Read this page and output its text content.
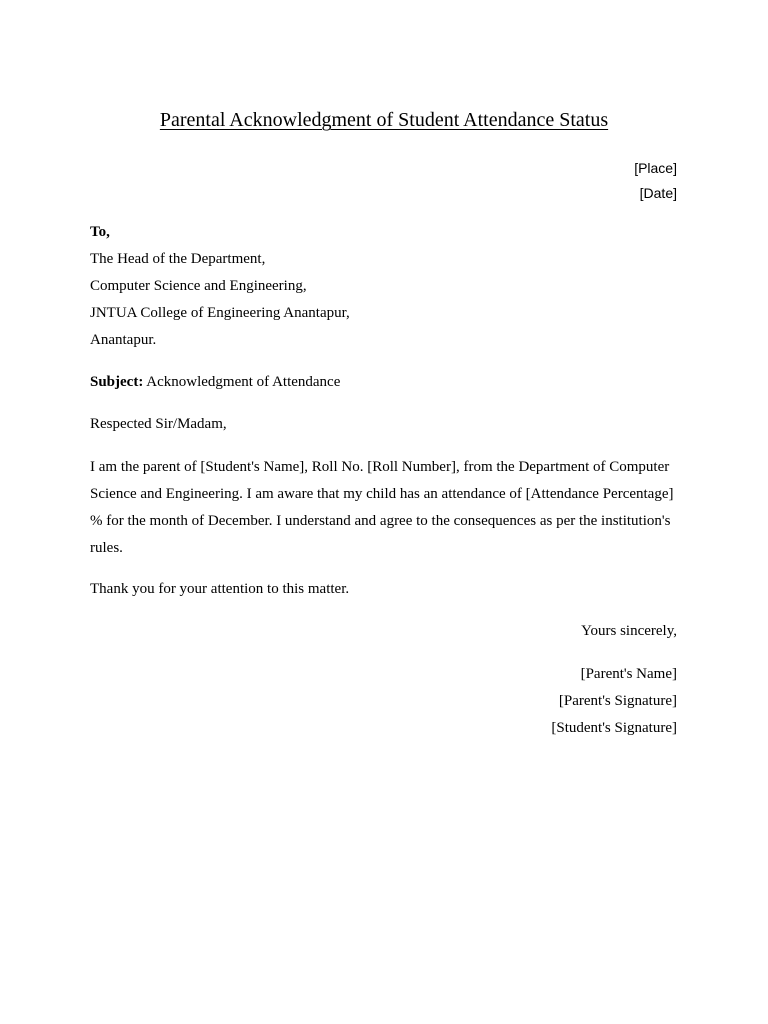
Parental Acknowledgment of Student Attendance Status
[Place]
[Date]
To,
The Head of the Department,
Computer Science and Engineering,
JNTUA College of Engineering Anantapur,
Anantapur.
Subject: Acknowledgment of Attendance
Respected Sir/Madam,
I am the parent of [Student's Name], Roll No. [Roll Number], from the Department of Computer
Science and Engineering. I am aware that my child has an attendance of [Attendance Percentage]
% for the month of December. I understand and agree to the consequences as per the institution's
rules.
Thank you for your attention to this matter.
Yours sincerely,
[Parent's Name]
[Parent's Signature]
[Student's Signature]
